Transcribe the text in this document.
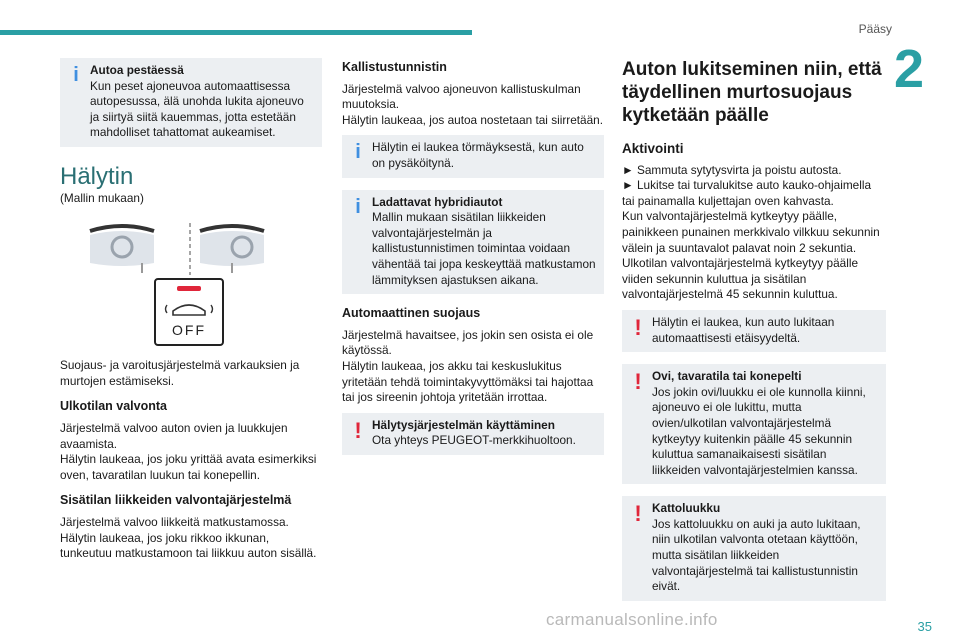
Pääsy
2
35
carmanualsonline.info
i Autoa pestäessä
Kun peset ajoneuvoa automaattisessa autopesussa, älä unohda lukita ajoneuvo ja siirtyä siitä kauemmas, jotta estetään mahdolliset tahattomat aukeamiset.
Hälytin
(Mallin mukaan)
OFF
Suojaus- ja varoitusjärjestelmä varkauksien ja murtojen estämiseksi.
Ulkotilan valvonta
Järjestelmä valvoo auton ovien ja luukkujen avaamista.
Hälytin laukeaa, jos joku yrittää avata esimerkiksi oven, tavaratilan luukun tai konepellin.
Sisätilan liikkeiden valvontajärjestelmä
Järjestelmä valvoo liikkeitä matkustamossa.
Hälytin laukeaa, jos joku rikkoo ikkunan, tunkeutuu matkustamoon tai liikkuu auton sisällä.
Kallistustunnistin
Järjestelmä valvoo ajoneuvon kallistuskulman muutoksia.
Hälytin laukeaa, jos autoa nostetaan tai siirretään.
i Hälytin ei laukea törmäyksestä, kun auto on pysäköitynä.
i Ladattavat hybridiautot
Mallin mukaan sisätilan liikkeiden valvontajärjestelmän ja kallistustunnistimen toimintaa voidaan vähentää tai jopa keskeyttää matkustamon lämmityksen ajastuksen aikana.
Automaattinen suojaus
Järjestelmä havaitsee, jos jokin sen osista ei ole käytössä.
Hälytin laukeaa, jos akku tai keskuslukitus yritetään tehdä toimintakyvyttömäksi tai hajottaa tai jos sireenin johtoja yritetään irrottaa.
! Hälytysjärjestelmän käyttäminen
Ota yhteys PEUGEOT-merkkihuoltoon.
Auton lukitseminen niin, että täydellinen murtosuojaus kytketään päälle
Aktivointi
► Sammuta sytytysvirta ja poistu autosta.
► Lukitse tai turvalukitse auto kauko-ohjaimella tai painamalla kuljettajan oven kahvasta.
Kun valvontajärjestelmä kytkeytyy päälle, painikkeen punainen merkkivalo vilkkuu sekunnin välein ja suuntavalot palavat noin 2 sekuntia.
Ulkotilan valvontajärjestelmä kytkeytyy päälle viiden sekunnin kuluttua ja sisätilan valvontajärjestelmä 45 sekunnin kuluttua.
! Hälytin ei laukea, kun auto lukitaan automaattisesti etäisyydeltä.
! Ovi, tavaratila tai konepelti
Jos jokin ovi/luukku ei ole kunnolla kiinni, ajoneuvo ei ole lukittu, mutta ovien/ulkotilan valvontajärjestelmä kytkeytyy kuitenkin päälle 45 sekunnin kuluttua samanaikaisesti sisätilan liikkeiden valvontajärjestelmien kanssa.
! Kattoluukku
Jos kattoluukku on auki ja auto lukitaan, niin ulkotilan valvonta otetaan käyttöön, mutta sisätilan liikkeiden valvontajärjestelmä tai kallistustunnistin eivät.
